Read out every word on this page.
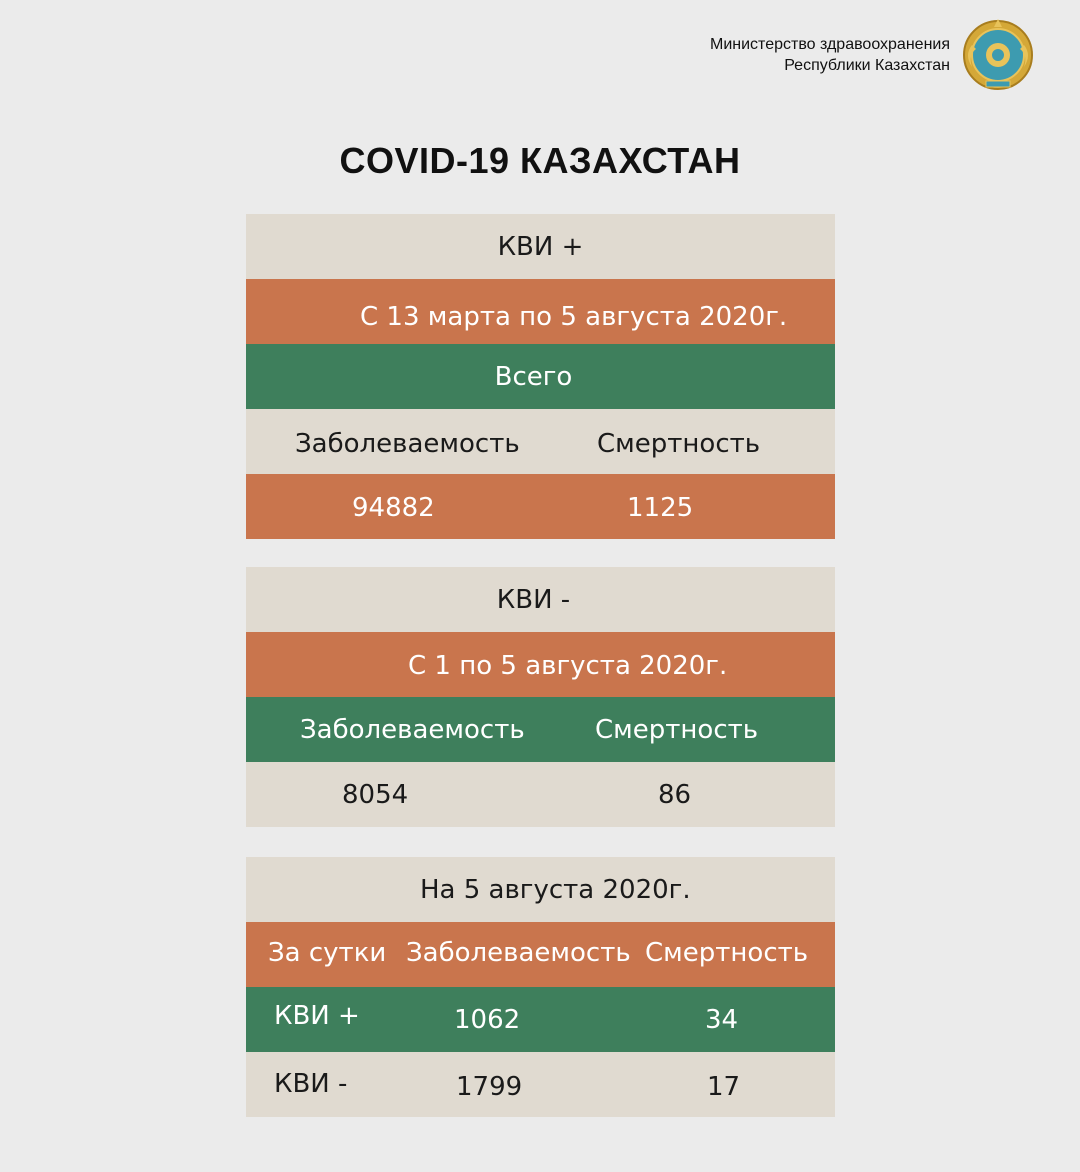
Министерство здравоохранения
Республики Казахстан
COVID-19 КАЗАХСТАН
КВИ +
С 13 марта по 5 августа 2020г.
Всего
Заболеваемость	Смертность
94882	1125
КВИ -
С 1 по 5 августа 2020г.
Заболеваемость	Смертность
8054	86
На 5 августа 2020г.
За сутки Заболеваемость Смертность
КВИ +	1062	34
КВИ -	1799	17
